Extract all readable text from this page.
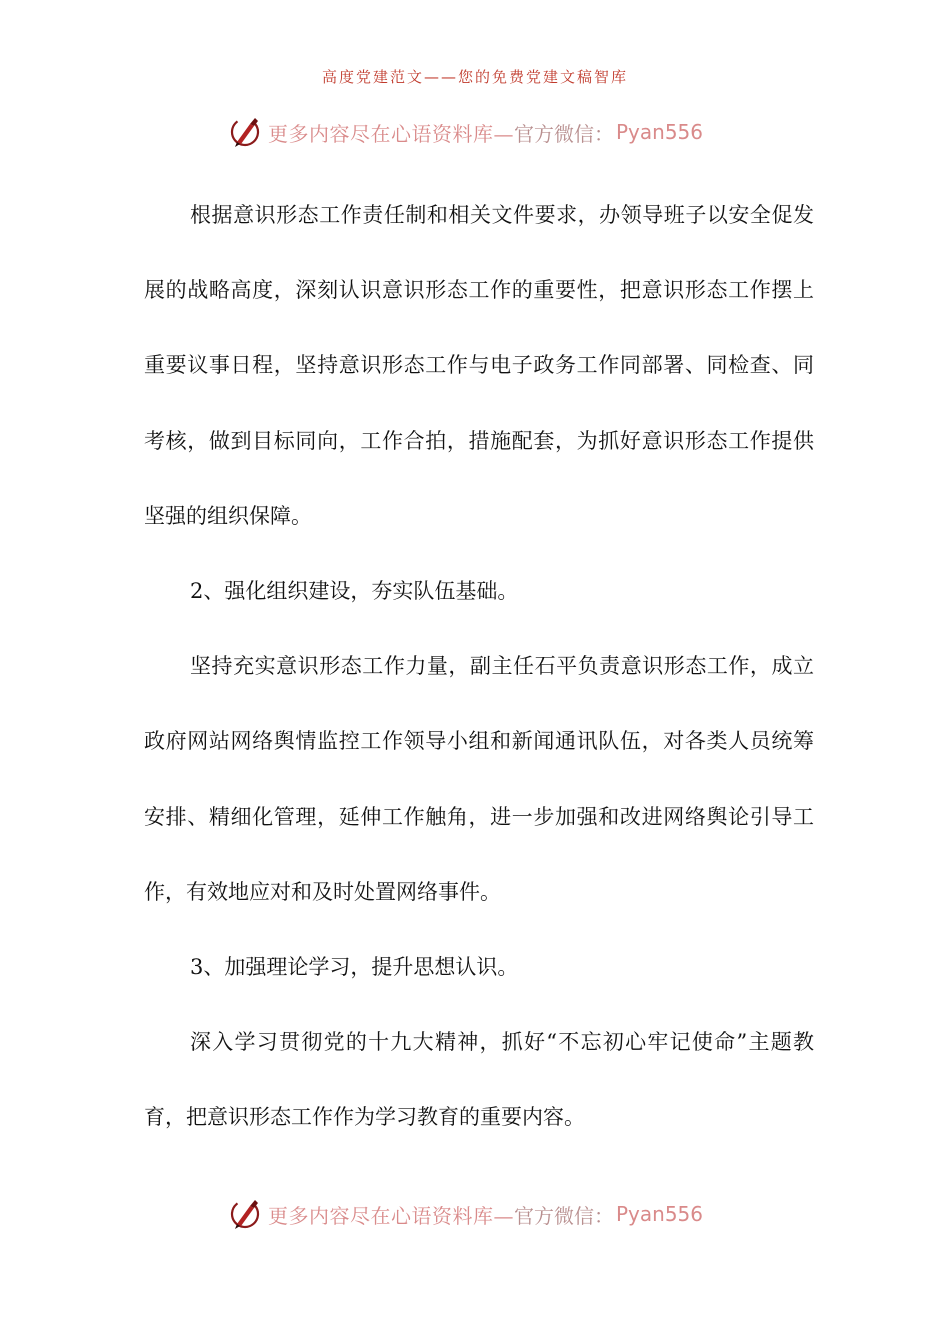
高度党建范文——您的免费党建文稿智库
更多内容尽在心语资料库— 官方微信： Pyan556

根据意识形态工作责任制和相关文件要求，办领导班子以安全促发展的战略高度，深刻认识意识形态工作的重要性，把意识形态工作摆上重要议事日程，坚持意识形态工作与电子政务工作同部署、同检查、同考核，做到目标同向，工作合拍，措施配套，为抓好意识形态工作提供坚强的组织保障。

2、强化组织建设，夯实队伍基础。

坚持充实意识形态工作力量，副主任石平负责意识形态工作，成立政府网站网络舆情监控工作领导小组和新闻通讯队伍，对各类人员统筹安排、精细化管理，延伸工作触角，进一步加强和改进网络舆论引导工作，有效地应对和及时处置网络事件。

3、加强理论学习，提升思想认识。

深入学习贯彻党的十九大精神，抓好“不忘初心牢记使命”主题教育，把意识形态工作作为学习教育的重要内容。

更多内容尽在心语资料库— 官方微信： Pyan556
